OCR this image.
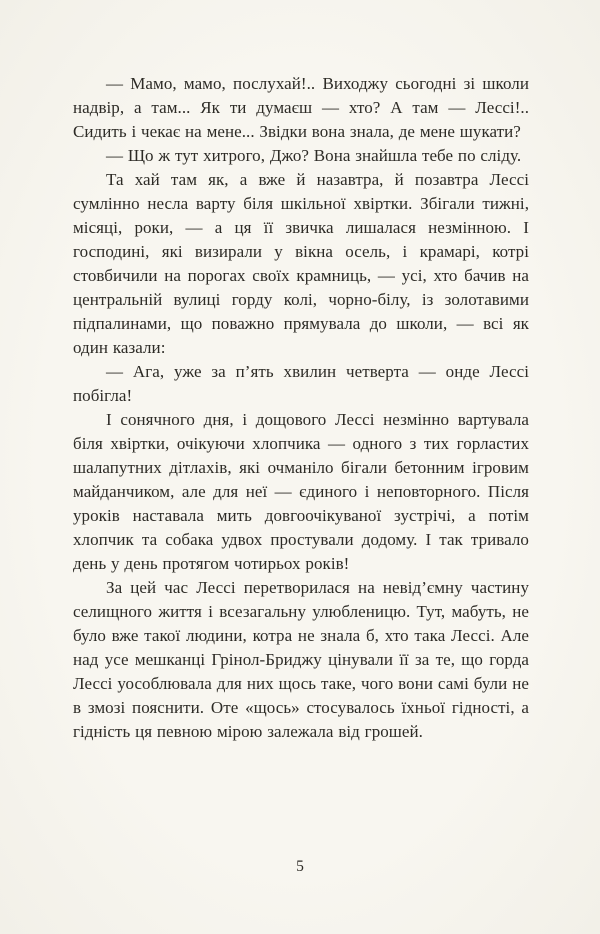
— Мамо, мамо, послухай!.. Виходжу сьогодні зі школи надвір, а там... Як ти думаєш — хто? А там — Лессі!.. Сидить і чекає на мене... Звідки вона знала, де мене шукати?

— Що ж тут хитрого, Джо? Вона знайшла тебе по сліду.

Та хай там як, а вже й назавтра, й позавтра Лессі сумлінно несла варту біля шкільної хвіртки. Збігали тижні, місяці, роки, — а ця її звичка лишалася незмінною. І господині, які визирали у вікна осель, і крамарі, котрі стовбичили на порогах своїх крамниць, — усі, хто бачив на центральній вулиці горду колі, чорно-білу, із золотавими підпалинами, що поважно прямувала до школи, — всі як один казали:

— Ага, уже за п’ять хвилин четверта — онде Лессі побігла!

І сонячного дня, і дощового Лессі незмінно вартувала біля хвіртки, очікуючи хлопчика — одного з тих горластих шалапутних дітлахів, які очманіло бігали бетонним ігровим майданчиком, але для неї — єдиного і неповторного. Після уроків наставала мить довгоочікуваної зустрічі, а потім хлопчик та собака удвох простували додому. І так тривало день у день протягом чотирьох років!

За цей час Лессі перетворилася на невід’ємну частину селищного життя і всезагальну улюбленицю. Тут, мабуть, не було вже такої людини, котра не знала б, хто така Лессі. Але над усе мешканці Грінол-Бриджу цінували її за те, що горда Лессі уособлювала для них щось таке, чого вони самі були не в змозі пояснити. Оте «щось» стосувалось їхньої гідності, а гідність ця певною мірою залежала від грошей.

5
